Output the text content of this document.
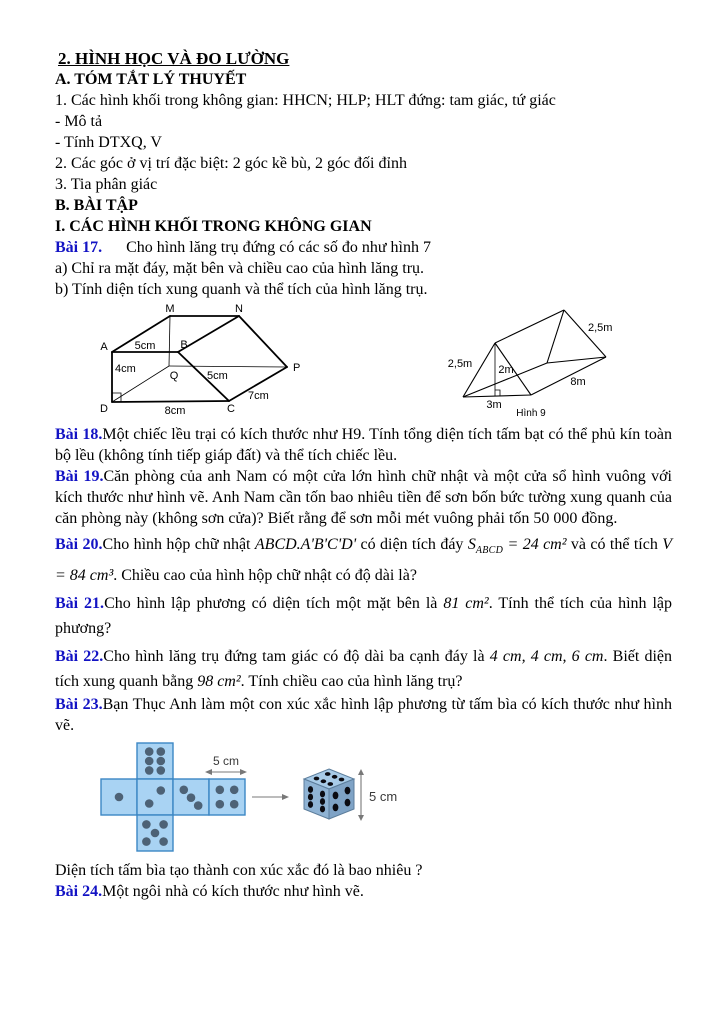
2. HÌNH HỌC VÀ ĐO LƯỜNG

A. TÓM TẮT LÝ THUYẾT

1. Các hình khối trong không gian: HHCN; HLP; HLT đứng: tam giác, tứ giác

- Mô tả

- Tính DTXQ, V

2. Các góc ở vị trí đặc biệt: 2 góc kề bù, 2 góc đối đỉnh

3. Tia phân giác

B. BÀI TẬP

I. CÁC HÌNH KHỐI TRONG KHÔNG GIAN

Bài 17. Cho hình lăng trụ đứng có các số đo như hình 7

a) Chỉ ra mặt đáy, mặt bên và chiều cao của hình lăng trụ.

b) Tính diện tích xung quanh và thể tích của hình lăng trụ.

M	N
A	B
Q
P
D	C
5cm
4cm
5cm
7cm
8cm
2,5m 2m
3m
8m
2,5m
Hình 9

Bài 18.Một chiếc lều trại có kích thước như H9. Tính tổng diện tích tấm bạt có thể phủ kín toàn bộ lều (không tính tiếp giáp đất) và thể tích chiếc lều.

Bài 19.Căn phòng của anh Nam có một cửa lớn hình chữ nhật và một cửa sổ hình vuông với kích thước như hình vẽ. Anh Nam cần tốn bao nhiêu tiền để sơn bốn bức tường xung quanh của căn phòng này (không sơn cửa)? Biết rằng để sơn mỗi mét vuông phải tốn 50 000 đồng.

Bài 20.Cho hình hộp chữ nhật ABCD.A'B'C'D' có diện tích đáy $S_{ABCD} = 24$ cm² và có thể tích V = 84 cm³. Chiều cao của hình hộp chữ nhật có độ dài là?

Bài 21.Cho hình lập phương có diện tích một mặt bên là 81 cm². Tính thể tích của hình lập phương?

Bài 22.Cho hình lăng trụ đứng tam giác có độ dài ba cạnh đáy là 4 cm, 4 cm, 6 cm. Biết diện tích xung quanh bằng 98 cm². Tính chiều cao của hình lăng trụ?

Bài 23.Bạn Thục Anh làm một con xúc xắc hình lập phương từ tấm bìa có kích thước như hình vẽ.

5 cm
5 cm

Diện tích tấm bìa tạo thành con xúc xắc đó là bao nhiêu ?

Bài 24.Một ngôi nhà có kích thước như hình vẽ.
